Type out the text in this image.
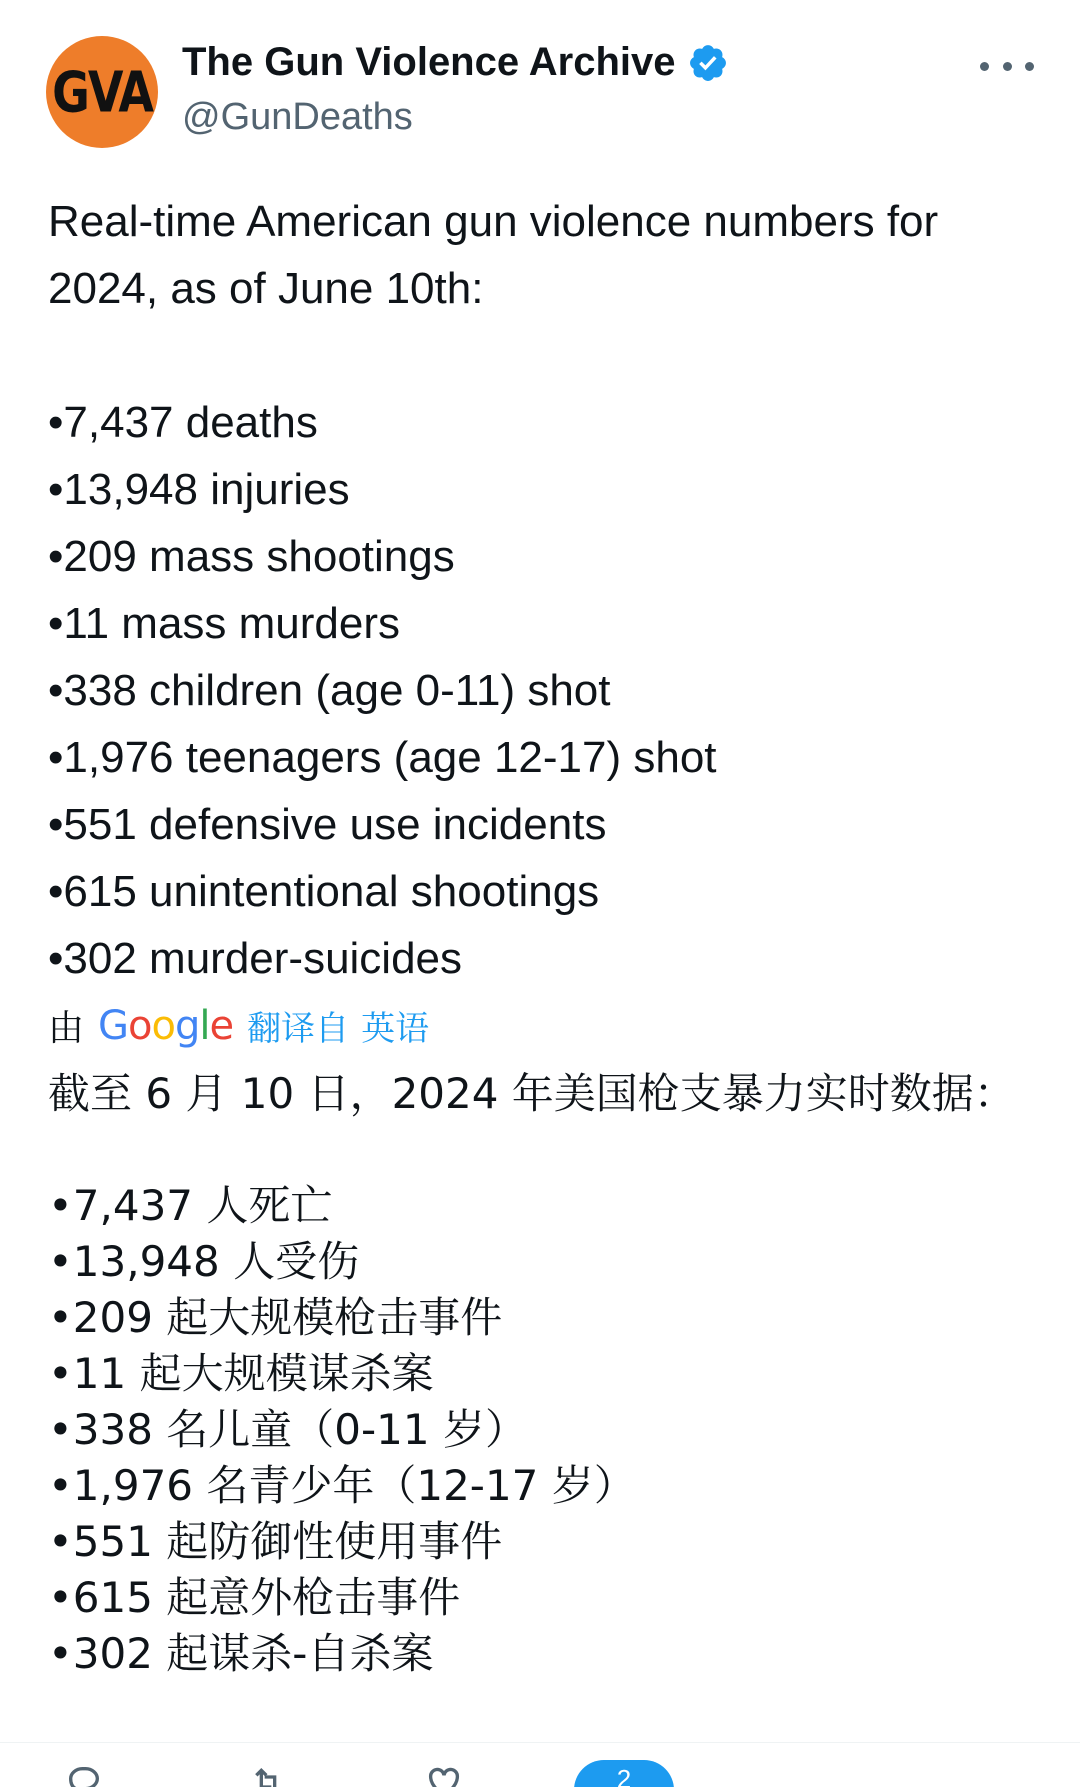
GVA The Gun Violence Archive
@GunDeaths
Real-time American gun violence numbers for 2024, as of June 10th:
•7,437 deaths
•13,948 injuries
•209 mass shootings
•11 mass murders
•338 children (age 0-11) shot
•1,976 teenagers (age 12-17) shot
•551 defensive use incidents
•615 unintentional shootings
•302 murder-suicides
由 Google 翻译自 英语
截至 6 月 10 日，2024 年美国枪支暴力实时数据：
•7,437 人死亡
•13,948 人受伤
•209 起大规模枪击事件
•11 起大规模谋杀案
•338 名儿童（0-11 岁）
•1,976 名青少年（12-17 岁）
•551 起防御性使用事件
•615 起意外枪击事件
•302 起谋杀-自杀案
2
